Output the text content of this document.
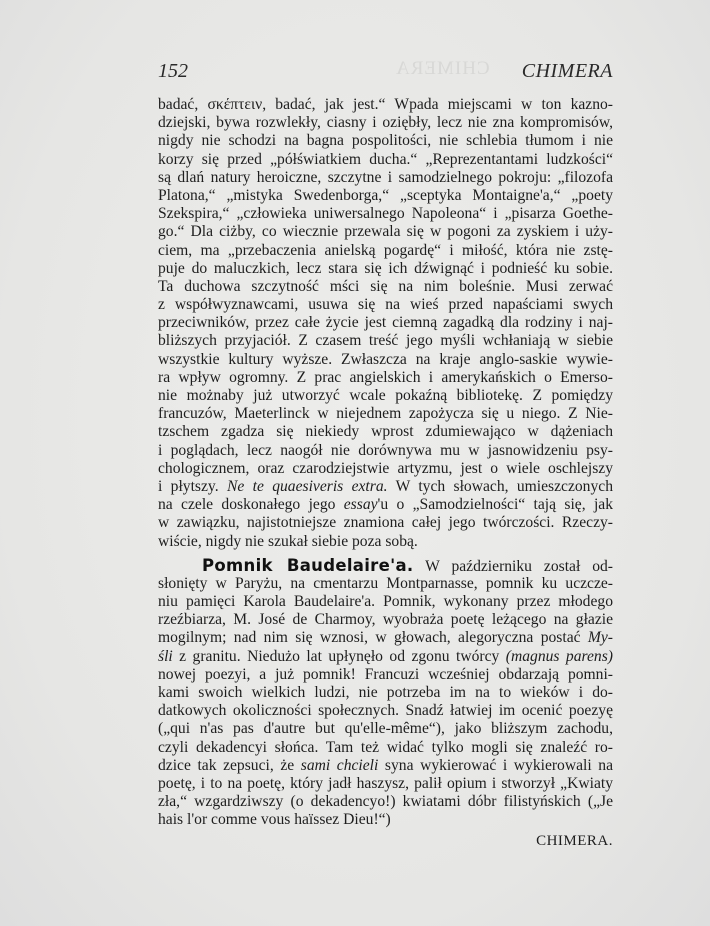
CHIMERA
152	CHIMERA
badać, σκέπτειν, badać, jak jest.“ Wpada miejscami w ton kazno-
dziejski, bywa rozwlekły, ciasny i oziębły, lecz nie zna kompromisów,
nigdy nie schodzi na bagna pospolitości, nie schlebia tłumom i nie
korzy się przed „półświatkiem ducha.“ „Reprezentantami ludzkości“
są dlań natury heroiczne, szczytne i samodzielnego pokroju: „filozofa
Platona,“ „mistyka Swedenborga,“ „sceptyka Montaigne'a,“ „poety
Szekspira,“ „człowieka uniwersalnego Napoleona“ i „pisarza Goethe-
go.“ Dla ciżby, co wiecznie przewala się w pogoni za zyskiem i uży-
ciem, ma „przebaczenia anielską pogardę“ i miłość, która nie zstę-
puje do maluczkich, lecz stara się ich dźwignąć i podnieść ku sobie.
Ta duchowa szczytność mści się na nim boleśnie. Musi zerwać
z współwyznawcami, usuwa się na wieś przed napaściami swych
przeciwników, przez całe życie jest ciemną zagadką dla rodziny i naj-
bliższych przyjaciół. Z czasem treść jego myśli wchłaniają w siebie
wszystkie kultury wyższe. Zwłaszcza na kraje anglo-saskie wywie-
ra wpływ ogromny. Z prac angielskich i amerykańskich o Emerso-
nie możnaby już utworzyć wcale pokaźną bibliotekę. Z pomiędzy
francuzów, Maeterlinck w niejednem zapożycza się u niego. Z Nie-
tzschem zgadza się niekiedy wprost zdumiewająco w dążeniach
i poglądach, lecz naogół nie dorównywa mu w jasnowidzeniu psy-
chologicznem, oraz czarodziejstwie artyzmu, jest o wiele oschlejszy
i płytszy. Ne te quaesiveris extra. W tych słowach, umieszczonych
na czele doskonałego jego essay'u o „Samodzielności“ tają się, jak
w zawiązku, najistotniejsze znamiona całej jego twórczości. Rzeczy-
wiście, nigdy nie szukał siebie poza sobą.
Pomnik Baudelaire'a. W październiku został od-
słonięty w Paryżu, na cmentarzu Montparnasse, pomnik ku uczcze-
niu pamięci Karola Baudelaire'a. Pomnik, wykonany przez młodego
rzeźbiarza, M. José de Charmoy, wyobraża poetę leżącego na głazie
mogilnym; nad nim się wznosi, w głowach, alegoryczna postać My-
śli z granitu. Niedużo lat upłynęło od zgonu twórcy (magnus parens)
nowej poezyi, a już pomnik! Francuzi wcześniej obdarzają pomni-
kami swoich wielkich ludzi, nie potrzeba im na to wieków i do-
datkowych okoliczności społecznych. Snadź łatwiej im ocenić poezyę
(„qui n'as pas d'autre but qu'elle-même“), jako bliższym zachodu,
czyli dekadencyi słońca. Tam też widać tylko mogli się znaleźć ro-
dzice tak zepsuci, że sami chcieli syna wykierować i wykierowali na
poetę, i to na poetę, który jadł haszysz, palił opium i stworzył „Kwiaty
zła,“ wzgardziwszy (o dekadencyo!) kwiatami dóbr filistyńskich („Je
hais l'or comme vous haïssez Dieu!“)
CHIMERA.
